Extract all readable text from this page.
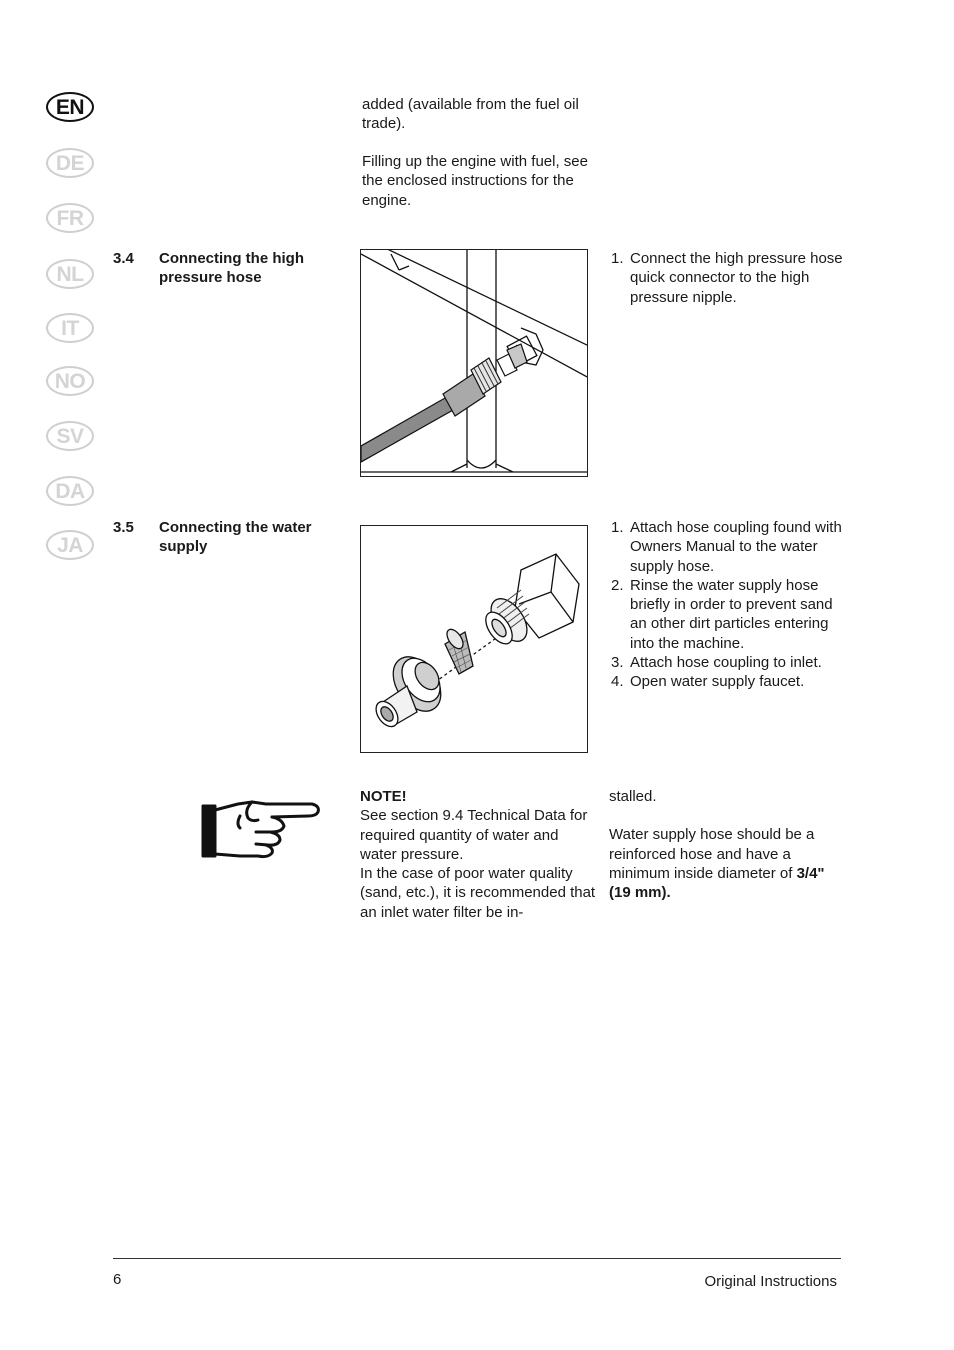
EN
DE
FR
NL
IT
NO
SV
DA
JA

added (available from the fuel oil trade).

Filling up the engine with fuel, see the enclosed instructions for the engine.

3.4 Connecting the high pressure hose
1. Connect the high pressure hose quick connector to the high pressure nipple.
3.5 Connecting the water supply
1. Attach hose coupling found with Owners Manual to the water supply hose.
2. Rinse the water supply hose briefly in order to prevent sand an other dirt particles entering into the machine.
3. Attach hose coupling to inlet.
4. Open water supply faucet.

NOTE!

See section 9.4 Technical Data for required quantity of water and water pressure.

In the case of poor water quality (sand, etc.), it is recommended that an inlet water filter be in-

stalled.

Water supply hose should be a reinforced hose and have a minimum inside diameter of 3/4" (19 mm).

6	Original Instructions
